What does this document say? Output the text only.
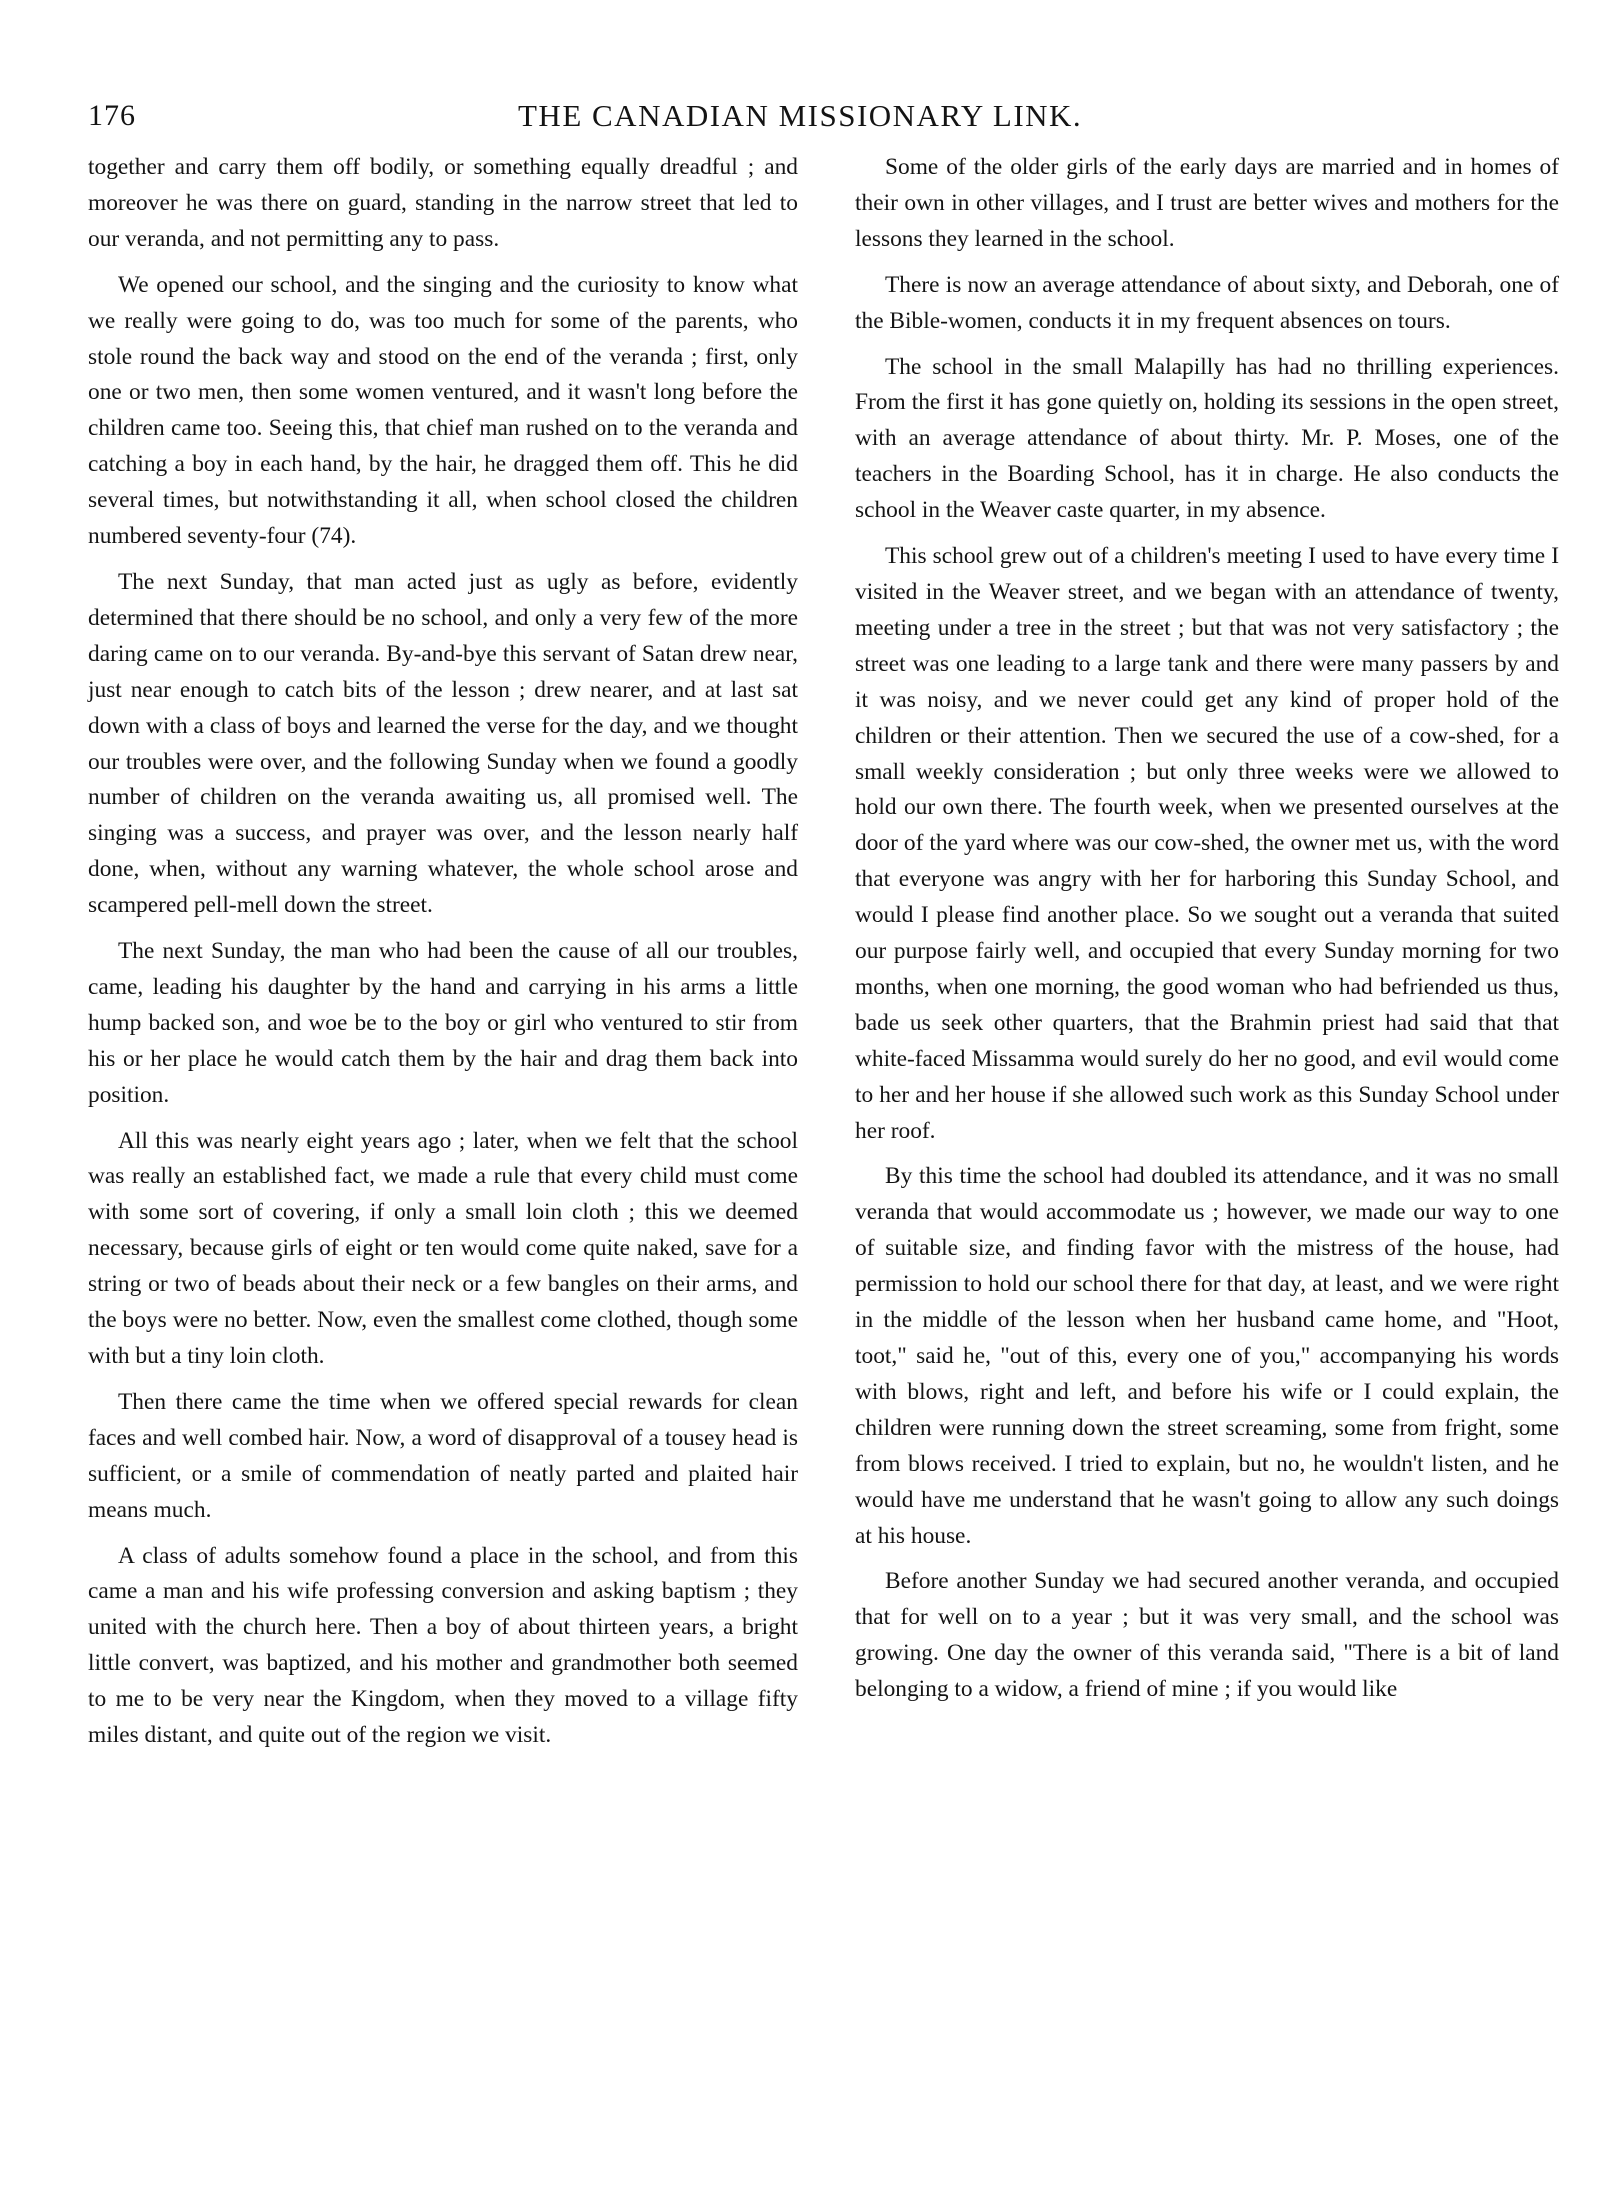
176	THE CANADIAN MISSIONARY LINK.

together and carry them off bodily, or something equally dreadful ; and moreover he was there on guard, standing in the narrow street that led to our veranda, and not permitting any to pass.

We opened our school, and the singing and the curiosity to know what we really were going to do, was too much for some of the parents, who stole round the back way and stood on the end of the veranda ; first, only one or two men, then some women ventured, and it wasn't long before the children came too. Seeing this, that chief man rushed on to the veranda and catching a boy in each hand, by the hair, he dragged them off. This he did several times, but notwithstanding it all, when school closed the children numbered seventy-four (74).

The next Sunday, that man acted just as ugly as before, evidently determined that there should be no school, and only a very few of the more daring came on to our veranda. By-and-bye this servant of Satan drew near, just near enough to catch bits of the lesson ; drew nearer, and at last sat down with a class of boys and learned the verse for the day, and we thought our troubles were over, and the following Sunday when we found a goodly number of children on the veranda awaiting us, all promised well. The singing was a success, and prayer was over, and the lesson nearly half done, when, without any warning whatever, the whole school arose and scampered pell-mell down the street.

The next Sunday, the man who had been the cause of all our troubles, came, leading his daughter by the hand and carrying in his arms a little hump backed son, and woe be to the boy or girl who ventured to stir from his or her place he would catch them by the hair and drag them back into position.

All this was nearly eight years ago ; later, when we felt that the school was really an established fact, we made a rule that every child must come with some sort of covering, if only a small loin cloth ; this we deemed necessary, because girls of eight or ten would come quite naked, save for a string or two of beads about their neck or a few bangles on their arms, and the boys were no better. Now, even the smallest come clothed, though some with but a tiny loin cloth.

Then there came the time when we offered special rewards for clean faces and well combed hair. Now, a word of disapproval of a tousey head is sufficient, or a smile of commendation of neatly parted and plaited hair means much.

A class of adults somehow found a place in the school, and from this came a man and his wife professing conversion and asking baptism ; they united with the church here. Then a boy of about thirteen years, a bright little convert, was baptized, and his mother and grandmother both seemed to me to be very near the Kingdom, when they moved to a village fifty miles distant, and quite out of the region we visit.

Some of the older girls of the early days are married and in homes of their own in other villages, and I trust are better wives and mothers for the lessons they learned in the school.

There is now an average attendance of about sixty, and Deborah, one of the Bible-women, conducts it in my frequent absences on tours.

The school in the small Malapilly has had no thrilling experiences. From the first it has gone quietly on, holding its sessions in the open street, with an average attendance of about thirty. Mr. P. Moses, one of the teachers in the Boarding School, has it in charge. He also conducts the school in the Weaver caste quarter, in my absence.

This school grew out of a children's meeting I used to have every time I visited in the Weaver street, and we began with an attendance of twenty, meeting under a tree in the street ; but that was not very satisfactory ; the street was one leading to a large tank and there were many passers by and it was noisy, and we never could get any kind of proper hold of the children or their attention. Then we secured the use of a cow-shed, for a small weekly consideration ; but only three weeks were we allowed to hold our own there. The fourth week, when we presented ourselves at the door of the yard where was our cow-shed, the owner met us, with the word that everyone was angry with her for harboring this Sunday School, and would I please find another place. So we sought out a veranda that suited our purpose fairly well, and occupied that every Sunday morning for two months, when one morning, the good woman who had befriended us thus, bade us seek other quarters, that the Brahmin priest had said that that white-faced Missamma would surely do her no good, and evil would come to her and her house if she allowed such work as this Sunday School under her roof.

By this time the school had doubled its attendance, and it was no small veranda that would accommodate us ; however, we made our way to one of suitable size, and finding favor with the mistress of the house, had permission to hold our school there for that day, at least, and we were right in the middle of the lesson when her husband came home, and "Hoot, toot," said he, "out of this, every one of you," accompanying his words with blows, right and left, and before his wife or I could explain, the children were running down the street screaming, some from fright, some from blows received. I tried to explain, but no, he wouldn't listen, and he would have me understand that he wasn't going to allow any such doings at his house.

Before another Sunday we had secured another veranda, and occupied that for well on to a year ; but it was very small, and the school was growing. One day the owner of this veranda said, "There is a bit of land belonging to a widow, a friend of mine ; if you would like
